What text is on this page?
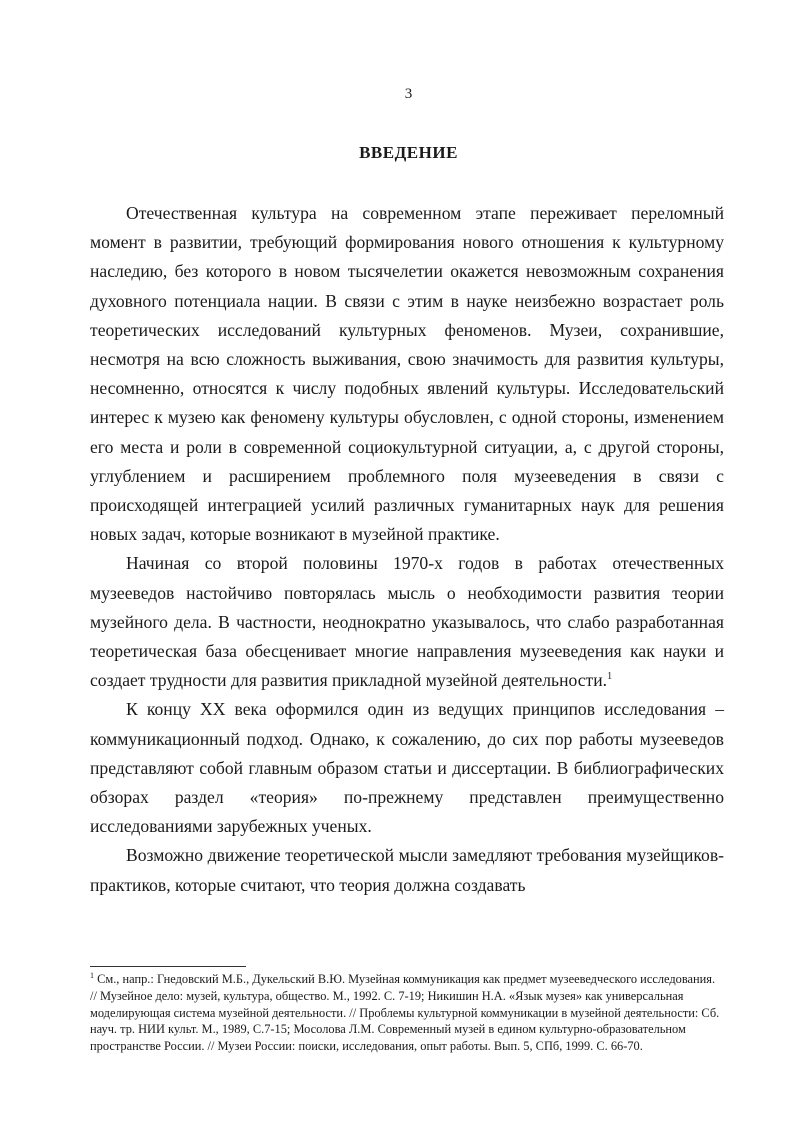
3
ВВЕДЕНИЕ

Отечественная культура на современном этапе переживает переломный момент в развитии, требующий формирования нового отношения к культурному наследию, без которого в новом тысячелетии окажется невозможным сохранения духовного потенциала нации. В связи с этим в науке неизбежно возрастает роль теоретических исследований культурных феноменов. Музеи, сохранившие, несмотря на всю сложность выживания, свою значимость для развития культуры, несомненно, относятся к числу подобных явлений культуры. Исследовательский интерес к музею как феномену культуры обусловлен, с одной стороны, изменением его места и роли в современной социокультурной ситуации, а, с другой стороны, углублением и расширением проблемного поля музееведения в связи с происходящей интеграцией усилий различных гуманитарных наук для решения новых задач, которые возникают в музейной практике.

Начиная со второй половины 1970-х годов в работах отечественных музееведов настойчиво повторялась мысль о необходимости развития теории музейного дела. В частности, неоднократно указывалось, что слабо разработанная теоретическая база обесценивает многие направления музееведения как науки и создает трудности для развития прикладной музейной деятельности.$^1$

К концу XX века оформился один из ведущих принципов исследования – коммуникационный подход. Однако, к сожалению, до сих пор работы музееведов представляют собой главным образом статьи и диссертации. В библиографических обзорах раздел «теория» по-прежнему представлен преимущественно исследованиями зарубежных ученых.

Возможно движение теоретической мысли замедляют требования музейщиков-практиков, которые считают, что теория должна создавать

$^1$ См., напр.: Гнедовский М.Б., Дукельский В.Ю. Музейная коммуникация как предмет музееведческого исследования. // Музейное дело: музей, культура, общество. М., 1992. С. 7-19; Никишин Н.А. «Язык музея» как универсальная моделирующая система музейной деятельности. // Проблемы культурной коммуникации в музейной деятельности: Сб. науч. тр. НИИ культ. М., 1989, С.7-15; Мосолова Л.М. Современный музей в едином культурно-образовательном пространстве России. // Музеи России: поиски, исследования, опыт работы. Вып. 5, СПб, 1999. С. 66-70.
